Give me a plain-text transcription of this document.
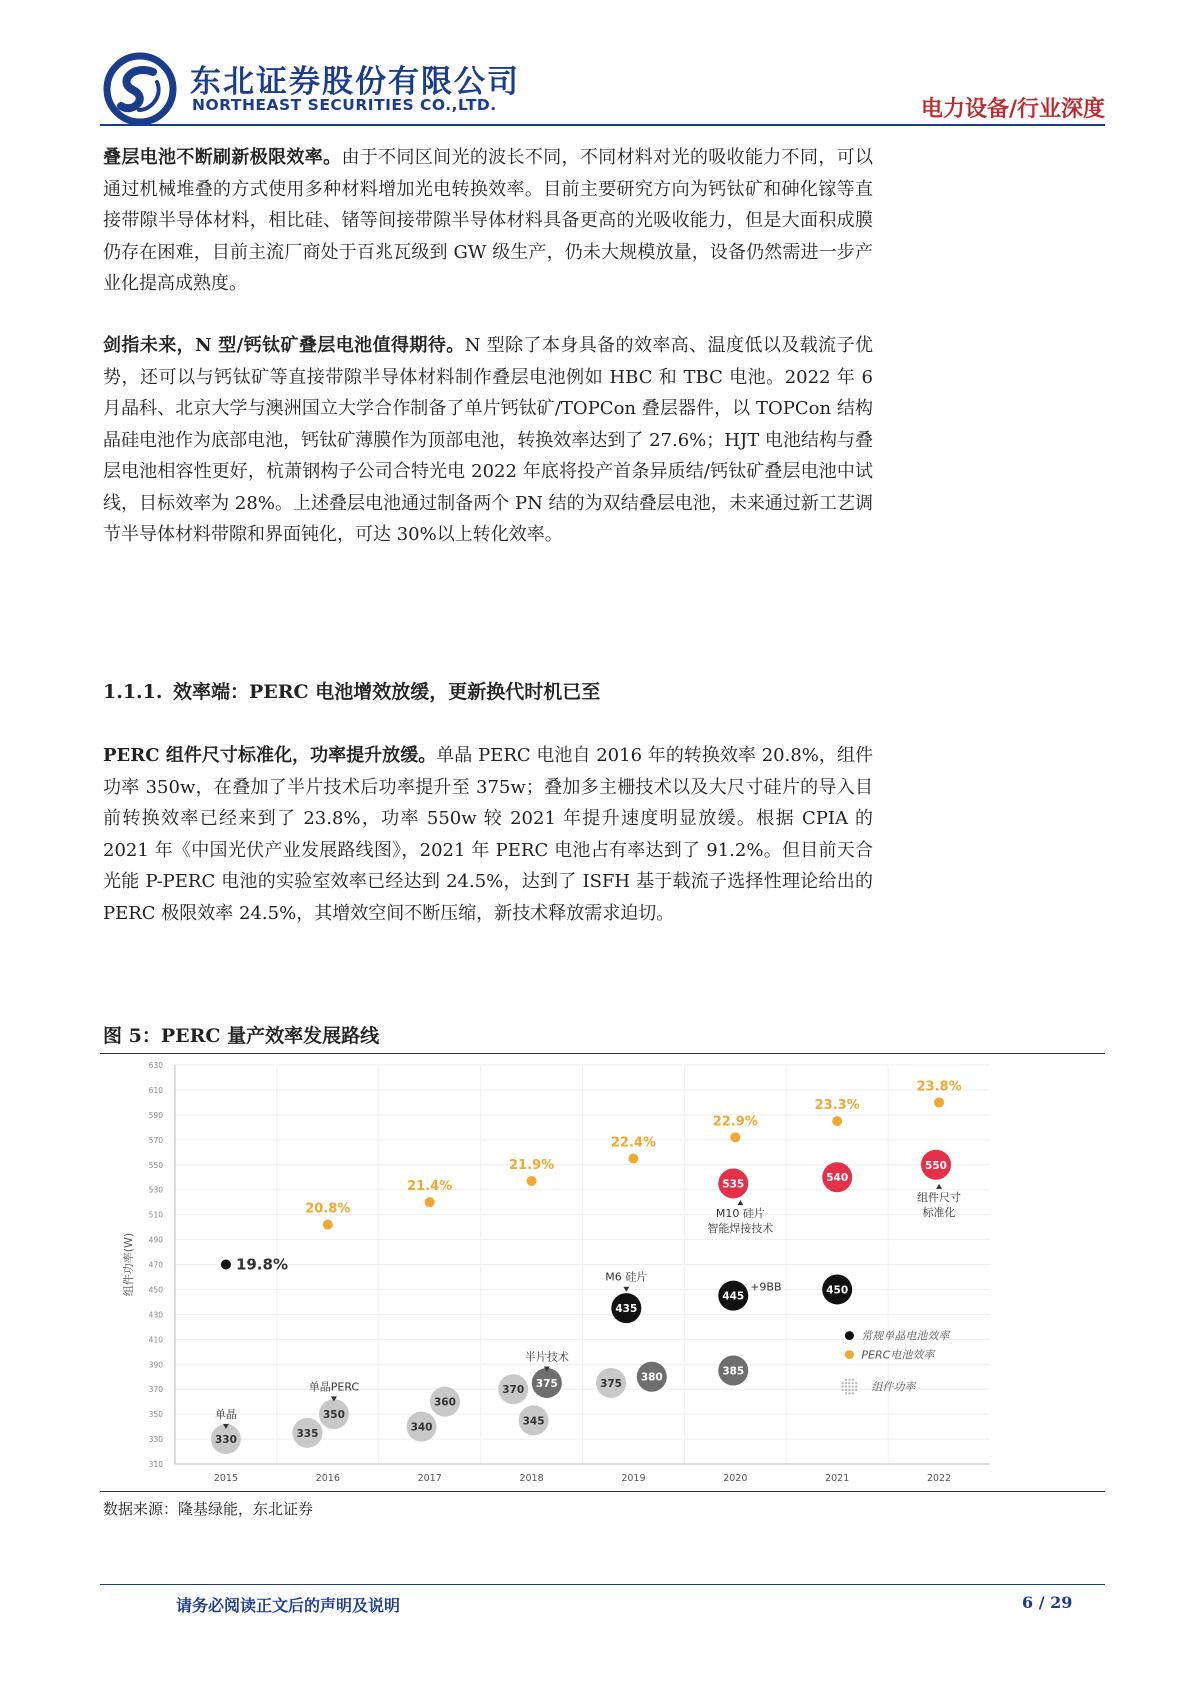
东北证券股份有限公司
NORTHEAST SECURITIES CO.,LTD.	电力设备/行业深度
叠层电池不断刷新极限效率。由于不同区间光的波长不同，不同材料对光的吸收能力不同，可以通过机械堆叠的方式使用多种材料增加光电转换效率。目前主要研究方向为钙钛矿和砷化镓等直接带隙半导体材料，相比硅、锗等间接带隙半导体材料具备更高的光吸收能力，但是大面积成膜仍存在困难，目前主流厂商处于百兆瓦级到 GW 级生产，仍未大规模放量，设备仍然需进一步产业化提高成熟度。
剑指未来，N 型/钙钛矿叠层电池值得期待。N 型除了本身具备的效率高、温度低以及载流子优势，还可以与钙钛矿等直接带隙半导体材料制作叠层电池例如 HBC 和 TBC 电池。2022 年 6 月晶科、北京大学与澳洲国立大学合作制备了单片钙钛矿/TOPCon 叠层器件，以 TOPCon 结构晶硅电池作为底部电池，钙钛矿薄膜作为顶部电池，转换效率达到了 27.6%；HJT 电池结构与叠层电池相容性更好，杭萧钢构子公司合特光电 2022 年底将投产首条异质结/钙钛矿叠层电池中试线，目标效率为 28%。上述叠层电池通过制备两个 PN 结的为双结叠层电池，未来通过新工艺调节半导体材料带隙和界面钝化，可达 30%以上转化效率。
1.1.1. 效率端：PERC 电池增效放缓，更新换代时机已至
PERC 组件尺寸标准化，功率提升放缓。单晶 PERC 电池自 2016 年的转换效率 20.8%，组件功率 350w，在叠加了半片技术后功率提升至 375w；叠加多主栅技术以及大尺寸硅片的导入目前转换效率已经来到了 23.8%，功率 550w 较 2021 年提升速度明显放缓。根据 CPIA 的 2021 年《中国光伏产业发展路线图》，2021 年 PERC 电池占有率达到了 91.2%。但目前天合光能 P-PERC 电池的实验室效率已经达到 24.5%，达到了 ISFH 基于载流子选择性理论给出的 PERC 极限效率 24.5%，其增效空间不断压缩，新技术释放需求迫切。
图 5：PERC 量产效率发展路线
310
330
350
370
390
410
430
450
470
490
510
530
550
570
590
610
630
2015	2016	2017	2018	2019	2020	2021	2022
组件功率(W)	19.8%
20.8%
21.4%
21.9%
22.4%
22.9%
23.3%
23.8%
330
335
350
340
360
370
375
345
375
380
435
385
445
535
450
540
550
单晶
单晶PERC
半片技术
M6 硅片
+9BB
M10 硅片
智能焊接技术
组件尺寸
标准化
常规单晶电池效率
PERC电池效率
组件功率
数据来源：隆基绿能，东北证券
请务必阅读正文后的声明及说明	6 / 29
